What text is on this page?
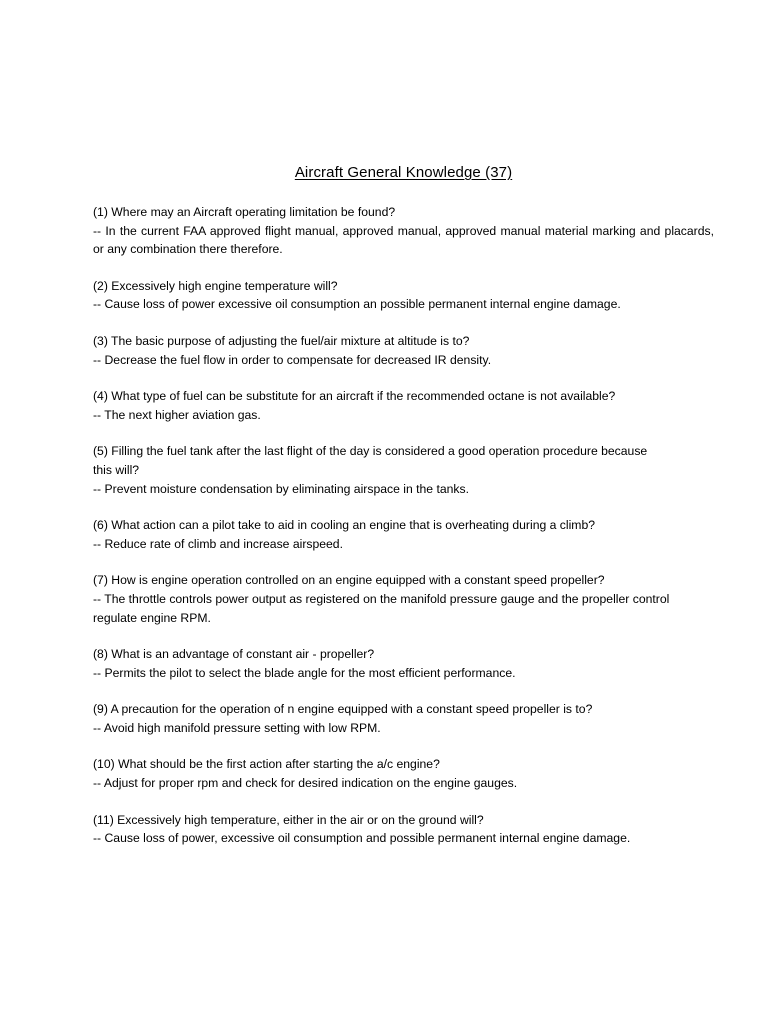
Aircraft General Knowledge (37)

(1) Where may an Aircraft operating limitation be found?

-- In the current FAA approved flight manual, approved manual, approved manual material marking and placards, or any combination there therefore.

(2) Excessively high engine temperature will?

-- Cause loss of power excessive oil consumption an possible permanent internal engine damage.

(3) The basic purpose of adjusting the fuel/air mixture at altitude is to?

-- Decrease the fuel flow in order to compensate for decreased IR density.

(4) What type of fuel can be substitute for an aircraft if the recommended octane is not available?

-- The next higher aviation gas.

(5) Filling the fuel tank after the last flight of the day is considered a good operation procedure because this will?

-- Prevent moisture condensation by eliminating airspace in the tanks.

(6) What action can a pilot take to aid in cooling an engine that is overheating during a climb?

-- Reduce rate of climb and increase airspeed.

(7) How is engine operation controlled on an engine equipped with a constant speed propeller?

-- The throttle controls power output as registered on the manifold pressure gauge and the propeller control regulate engine RPM.

(8) What is an advantage of constant air - propeller?

-- Permits the pilot to select the blade angle for the most efficient performance.

(9) A precaution for the operation of n engine equipped with a constant speed propeller is to?

-- Avoid high manifold pressure setting with low RPM.

(10) What should be the first action after starting the a/c engine?

-- Adjust for proper rpm and check for desired indication on the engine gauges.

(11) Excessively high temperature, either in the air or on the ground will?

-- Cause loss of power, excessive oil consumption and possible permanent internal engine damage.
